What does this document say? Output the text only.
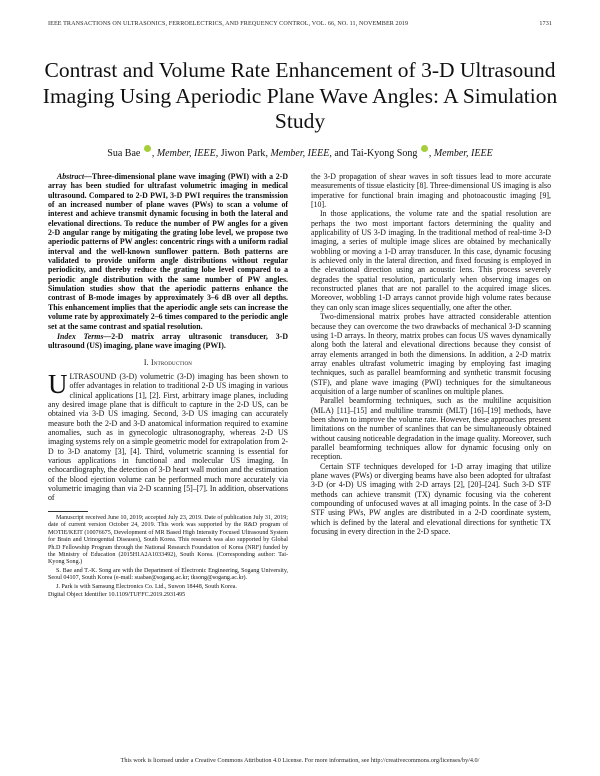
IEEE TRANSACTIONS ON ULTRASONICS, FERROELECTRICS, AND FREQUENCY CONTROL, VOL. 66, NO. 11, NOVEMBER 2019	1731
Contrast and Volume Rate Enhancement of 3-D Ultrasound Imaging Using Aperiodic Plane Wave Angles: A Simulation Study
Sua Bae , Member, IEEE, Jiwon Park, Member, IEEE, and Tai-Kyong Song , Member, IEEE

Abstract—Three-dimensional plane wave imaging (PWI) with a 2-D array has been studied for ultrafast volumetric imaging in medical ultrasound. Compared to 2-D PWI, 3-D PWI requires the transmission of an increased number of plane waves (PWs) to scan a volume of interest and achieve transmit dynamic focusing in both the lateral and elevational directions. To reduce the number of PW angles for a given 2-D angular range by mitigating the grating lobe level, we propose two aperiodic patterns of PW angles: concentric rings with a uniform radial interval and the well-known sunflower pattern. Both patterns are validated to provide uniform angle distributions without regular periodicity, and thereby reduce the grating lobe level compared to a periodic angle distribution with the same number of PW angles. Simulation studies show that the aperiodic patterns enhance the contrast of B-mode images by approximately 3–6 dB over all depths. This enhancement implies that the aperiodic angle sets can increase the volume rate by approximately 2–6 times compared to the periodic angle set at the same contrast and spatial resolution.

Index Terms—2-D matrix array ultrasonic transducer, 3-D ultrasound (US) imaging, plane wave imaging (PWI).

I. Introduction

ULTRASOUND (3-D) volumetric (3-D) imaging has been shown to offer advantages in relation to traditional 2-D US imaging in various clinical applications [1], [2]. First, arbitrary image planes, including any desired image plane that is difficult to capture in the 2-D US, can be obtained via 3-D US imaging. Second, 3-D US imaging can accurately measure both the 2-D and 3-D anatomical information required to examine anomalies, such as in gynecologic ultrasonography, whereas 2-D US imaging systems rely on a simple geometric model for extrapolation from 2-D to 3-D anatomy [3], [4]. Third, volumetric scanning is essential for various applications in functional and molecular US imaging. In echocardiography, the detection of 3-D heart wall motion and the estimation of the blood ejection volume can be performed much more accurately via volumetric imaging than via 2-D scanning [5]–[7]. In addition, observations of

Manuscript received June 10, 2019; accepted July 23, 2019. Date of publication July 31, 2019; date of current version October 24, 2019. This work was supported by the R&D program of MOTIE/KEIT (10076675, Development of MR Based High Intensity Focused Ultrasound System for Brain and Urinogenital Diseases), South Korea. This research was also supported by Global Ph.D Fellowship Program through the National Research Foundation of Korea (NRF) funded by the Ministry of Education (2015H1A2A1033492), South Korea. (Corresponding author: Tai-Kyong Song.)

S. Bae and T.-K. Song are with the Department of Electronic Engineering, Sogang University, Seoul 04107, South Korea (e-mail: suabae@sogang.ac.kr; tksong@sogang.ac.kr).

J. Park is with Samsung Electronics Co. Ltd., Suwon 18448, South Korea.

Digital Object Identifier 10.1109/TUFFC.2019.2931495

the 3-D propagation of shear waves in soft tissues lead to more accurate measurements of tissue elasticity [8]. Three-dimensional US imaging is also imperative for functional brain imaging and photoacoustic imaging [9], [10].

In those applications, the volume rate and the spatial resolution are perhaps the two most important factors determining the quality and applicability of US 3-D imaging. In the traditional method of real-time 3-D imaging, a series of multiple image slices are obtained by mechanically wobbling or moving a 1-D array transducer. In this case, dynamic focusing is achieved only in the lateral direction, and fixed focusing is employed in the elevational direction using an acoustic lens. This process severely degrades the spatial resolution, particularly when observing images on reconstructed planes that are not parallel to the acquired image slices. Moreover, wobbling 1-D arrays cannot provide high volume rates because they can only scan image slices sequentially, one after the other.

Two-dimensional matrix probes have attracted considerable attention because they can overcome the two drawbacks of mechanical 3-D scanning using 1-D arrays. In theory, matrix probes can focus US waves dynamically along both the lateral and elevational directions because they consist of array elements arranged in both the dimensions. In addition, a 2-D matrix array enables ultrafast volumetric imaging by employing fast imaging techniques, such as parallel beamforming and synthetic transmit focusing (STF), and plane wave imaging (PWI) techniques for the simultaneous acquisition of a large number of scanlines on multiple planes.

Parallel beamforming techniques, such as the multiline acquisition (MLA) [11]–[15] and multiline transmit (MLT) [16]–[19] methods, have been shown to improve the volume rate. However, these approaches present limitations on the number of scanlines that can be simultaneously obtained without causing noticeable degradation in the image quality. Moreover, such parallel beamforming techniques allow for dynamic focusing only on reception.

Certain STF techniques developed for 1-D array imaging that utilize plane waves (PWs) or diverging beams have also been adopted for ultrafast 3-D (or 4-D) US imaging with 2-D arrays [2], [20]–[24]. Such 3-D STF methods can achieve transmit (TX) dynamic focusing via the coherent compounding of unfocused waves at all imaging points. In the case of 3-D STF using PWs, PW angles are distributed in a 2-D coordinate system, which is defined by the lateral and elevational directions for synthetic TX focusing in every direction in the 2-D space.

This work is licensed under a Creative Commons Attribution 4.0 License. For more information, see http://creativecommons.org/licenses/by/4.0/
